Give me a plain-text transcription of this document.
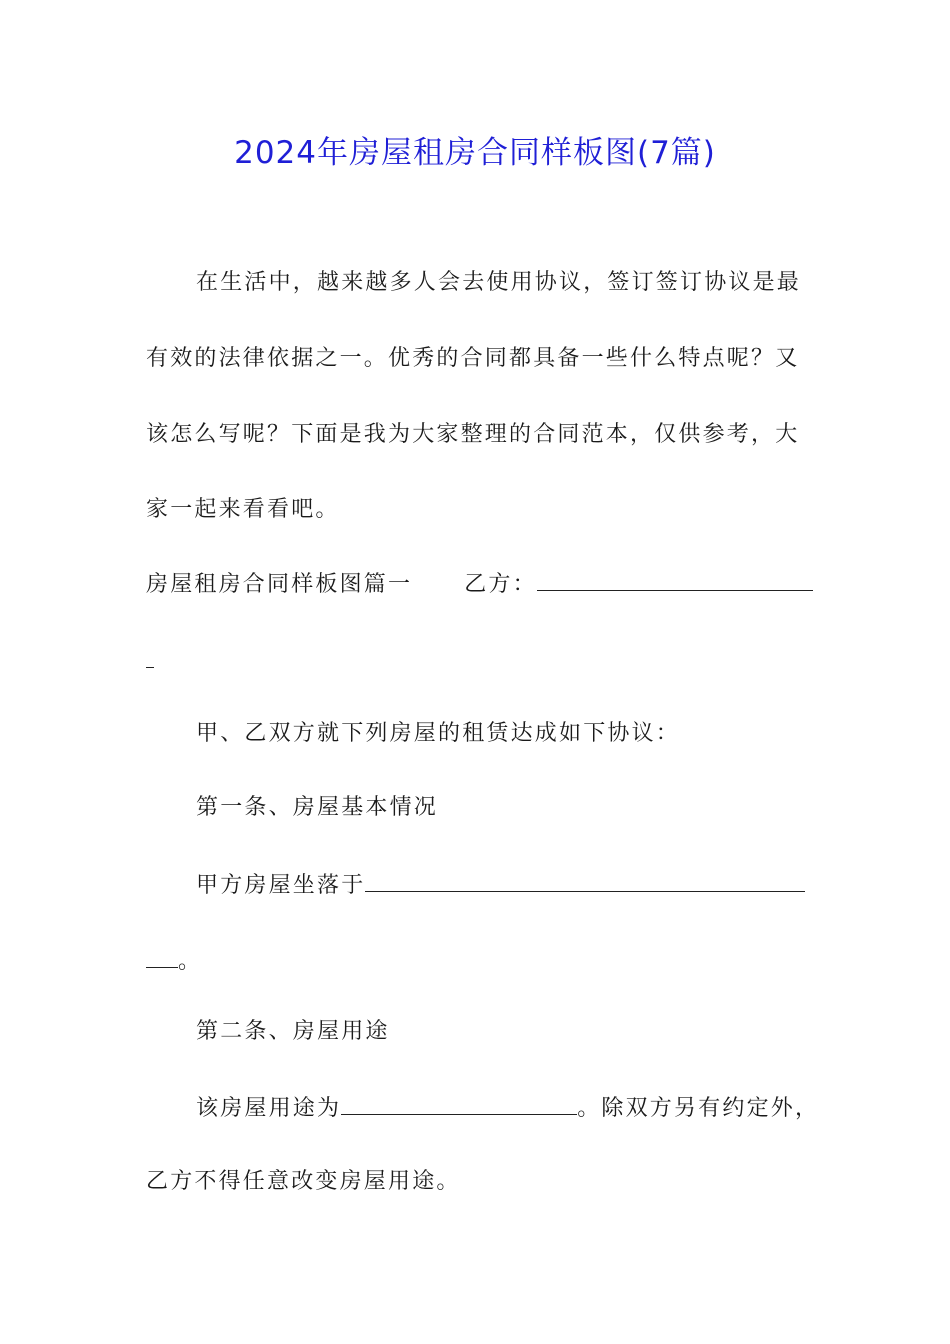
2024年房屋租房合同样板图(7篇)
在生活中，越来越多人会去使用协议，签订签订协议是最
有效的法律依据之一。优秀的合同都具备一些什么特点呢？又
该怎么写呢？下面是我为大家整理的合同范本，仅供参考，大
家一起来看看吧。
房屋租房合同样板图篇一 乙方：
甲、乙双方就下列房屋的租赁达成如下协议：
第一条、房屋基本情况
甲方房屋坐落于
。
第二条、房屋用途
该房屋用途为	。除双方另有约定外，
乙方不得任意改变房屋用途。
